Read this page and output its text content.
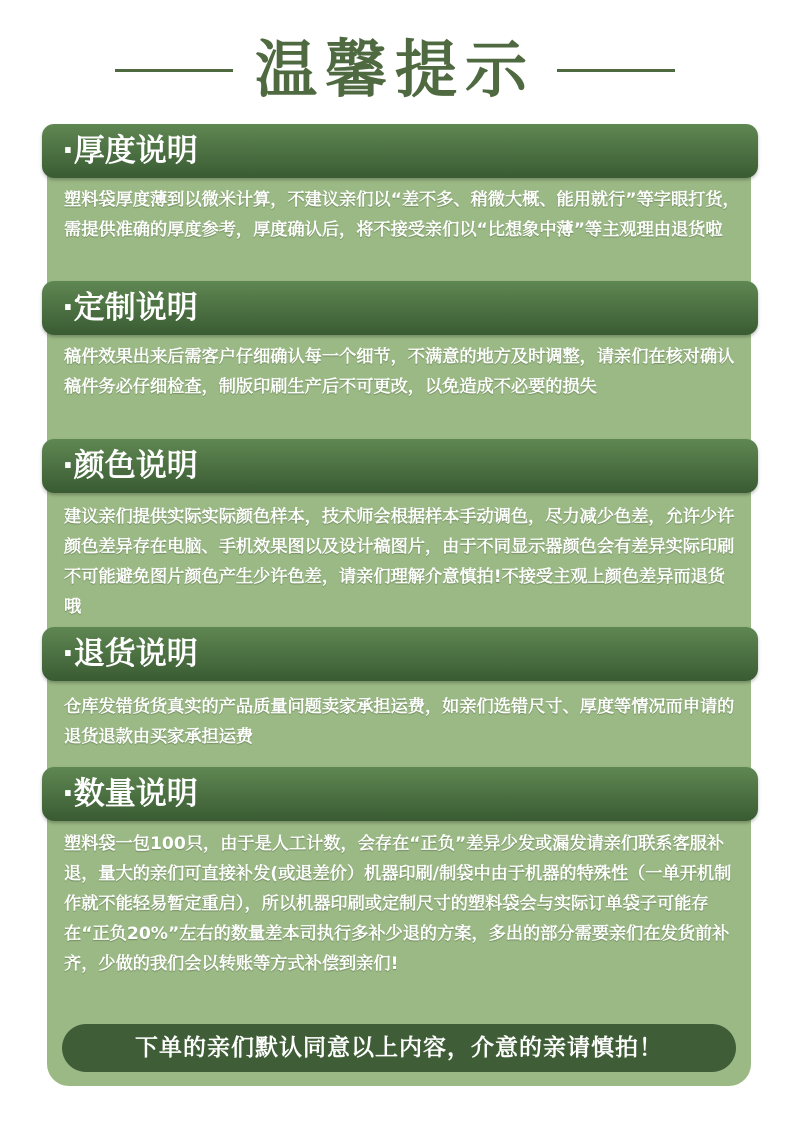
温馨提示
·厚度说明
塑料袋厚度薄到以微米计算，不建议亲们以“差不多、稍微大概、能用就行”等字眼打货，需提供准确的厚度参考，厚度确认后，将不接受亲们以“比想象中薄”等主观理由退货啦
·定制说明
稿件效果出来后需客户仔细确认每一个细节，不满意的地方及时调整，请亲们在核对确认稿件务必仔细检查，制版印刷生产后不可更改，以免造成不必要的损失
·颜色说明
建议亲们提供实际实际颜色样本，技术师会根据样本手动调色，尽力减少色差，允许少许颜色差异存在电脑、手机效果图以及设计稿图片，由于不同显示器颜色会有差异实际印刷不可能避免图片颜色产生少许色差，请亲们理解介意慎拍!不接受主观上颜色差异而退货哦
·退货说明
仓库发错货货真实的产品质量问题卖家承担运费，如亲们选错尺寸、厚度等情况而申请的退货退款由买家承担运费
·数量说明
塑料袋一包100只，由于是人工计数，会存在“正负”差异少发或漏发请亲们联系客服补退，量大的亲们可直接补发(或退差价）机器印刷/制袋中由于机器的特殊性（一单开机制作就不能轻易暂定重启），所以机器印刷或定制尺寸的塑料袋会与实际订单袋子可能存在“正负20%”左右的数量差本司执行多补少退的方案，多出的部分需要亲们在发货前补齐，少做的我们会以转账等方式补偿到亲们!
下单的亲们默认同意以上内容，介意的亲请慎拍！
